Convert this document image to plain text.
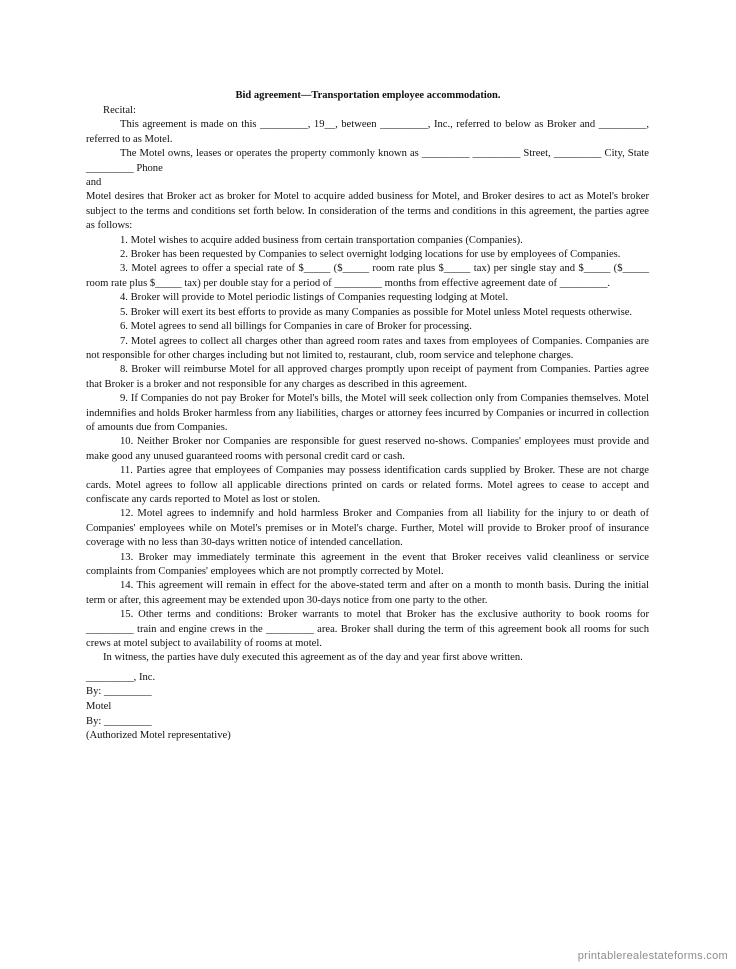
Bid agreement—Transportation employee accommodation.

Recital:

This agreement is made on this _________, 19__, between _________, Inc., referred to below as Broker and _________, referred to as Motel.

The Motel owns, leases or operates the property commonly known as _________ _________ Street, _________ City, State _________ Phone

and

Motel desires that Broker act as broker for Motel to acquire added business for Motel, and Broker desires to act as Motel's broker subject to the terms and conditions set forth below. In consideration of the terms and conditions in this agreement, the parties agree as follows:

1. Motel wishes to acquire added business from certain transportation companies (Companies).

2. Broker has been requested by Companies to select overnight lodging locations for use by employees of Companies.

3. Motel agrees to offer a special rate of $_____ ($_____ room rate plus $_____ tax) per single stay and $_____ ($_____ room rate plus $_____ tax) per double stay for a period of _________ months from effective agreement date of _________.

4. Broker will provide to Motel periodic listings of Companies requesting lodging at Motel.

5. Broker will exert its best efforts to provide as many Companies as possible for Motel unless Motel requests otherwise.

6. Motel agrees to send all billings for Companies in care of Broker for processing.

7. Motel agrees to collect all charges other than agreed room rates and taxes from employees of Companies. Companies are not responsible for other charges including but not limited to, restaurant, club, room service and telephone charges.

8. Broker will reimburse Motel for all approved charges promptly upon receipt of payment from Companies. Parties agree that Broker is a broker and not responsible for any charges as described in this agreement.

9. If Companies do not pay Broker for Motel's bills, the Motel will seek collection only from Companies themselves. Motel indemnifies and holds Broker harmless from any liabilities, charges or attorney fees incurred by Companies or incurred in collection of amounts due from Companies.

10. Neither Broker nor Companies are responsible for guest reserved no-shows. Companies' employees must provide and make good any unused guaranteed rooms with personal credit card or cash.

11. Parties agree that employees of Companies may possess identification cards supplied by Broker. These are not charge cards. Motel agrees to follow all applicable directions printed on cards or related forms. Motel agrees to cease to accept and confiscate any cards reported to Motel as lost or stolen.

12. Motel agrees to indemnify and hold harmless Broker and Companies from all liability for the injury to or death of Companies' employees while on Motel's premises or in Motel's charge. Further, Motel will provide to Broker proof of insurance coverage with no less than 30-days written notice of intended cancellation.

13. Broker may immediately terminate this agreement in the event that Broker receives valid cleanliness or service complaints from Companies' employees which are not promptly corrected by Motel.

14. This agreement will remain in effect for the above-stated term and after on a month to month basis. During the initial term or after, this agreement may be extended upon 30-days notice from one party to the other.

15. Other terms and conditions: Broker warrants to motel that Broker has the exclusive authority to book rooms for _________ train and engine crews in the _________ area. Broker shall during the term of this agreement book all rooms for such crews at motel subject to availability of rooms at motel.

In witness, the parties have duly executed this agreement as of the day and year first above written.

_________, Inc.

By: _________

Motel

By: _________

(Authorized Motel representative)

printablerealestateforms.com
